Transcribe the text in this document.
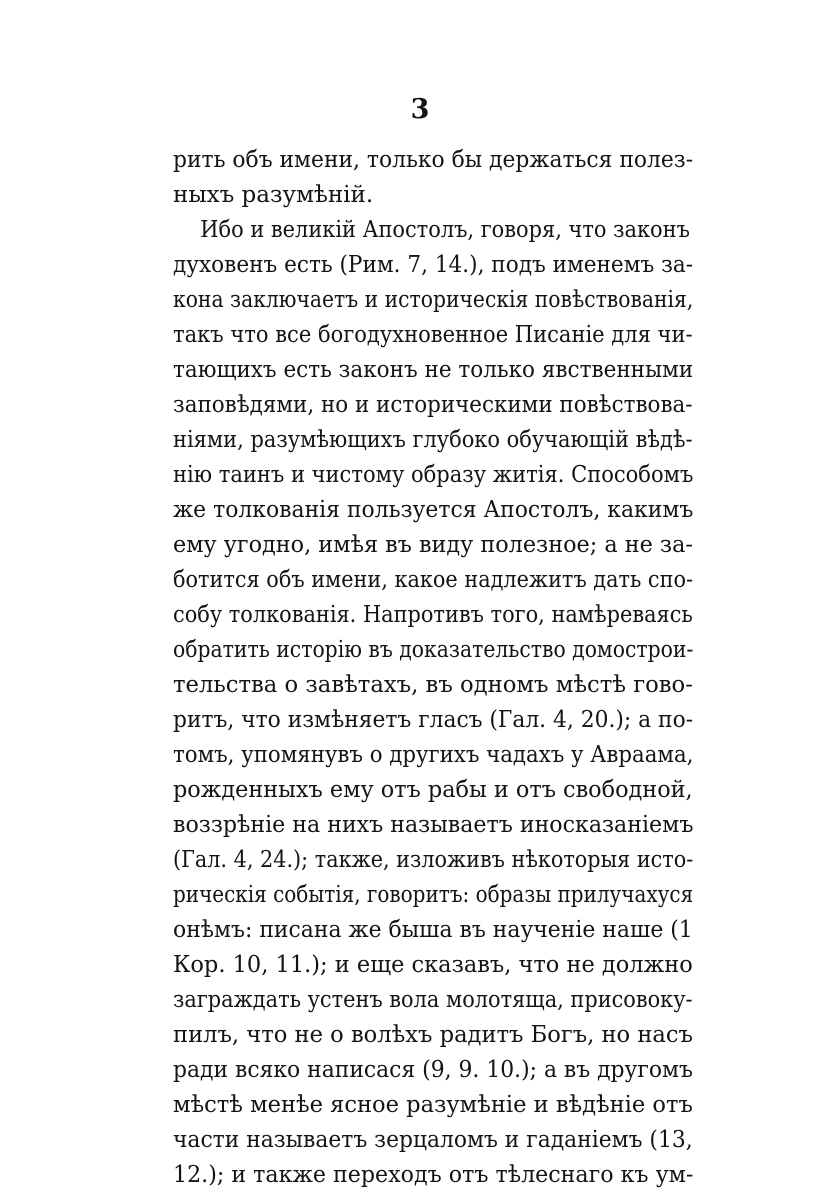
3
рить объ имени, только бы держаться полез-
ныхъ разумѣній.
Ибо и великій Апостолъ, говоря, что законъ
духовенъ есть (Рим. 7, 14.), подъ именемъ за-
кона заключаетъ и историческія повѣствованія,
такъ что все богодухновенное Писаніе для чи-
тающихъ есть законъ не только явственными
заповѣдями, но и историческими повѣствова-
ніями, разумѣющихъ глубоко обучающій вѣдѣ-
нію таинъ и чистому образу житія. Способомъ
же толкованія пользуется Апостолъ, какимъ
ему угодно, имѣя въ виду полезное; а не за-
ботится объ имени, какое надлежитъ дать спо-
собу толкованія. Напротивъ того, намѣреваясь
обратить исторію въ доказательство домострои-
тельства о завѣтахъ, въ одномъ мѣстѣ гово-
ритъ, что измѣняетъ гласъ (Гал. 4, 20.); а по-
томъ, упомянувъ о другихъ чадахъ у Авраама,
рожденныхъ ему отъ рабы и отъ свободной,
воззрѣніе на нихъ называетъ иносказаніемъ
(Гал. 4, 24.); также, изложивъ нѣкоторыя исто-
рическія событія, говоритъ: образы прилучахуся
онѣмъ: писана же быша въ наученіе наше (1
Кор. 10, 11.); и еще сказавъ, что не должно
заграждать устенъ вола молотяща, присовоку-
пилъ, что не о волѣхъ радитъ Богъ, но насъ
ради всяко написася (9, 9. 10.); а въ другомъ
мѣстѣ менѣе ясное разумѣніе и вѣдѣніе отъ
части называетъ зерцаломъ и гаданіемъ (13,
12.); и также переходъ отъ тѣлеснаго къ ум-
